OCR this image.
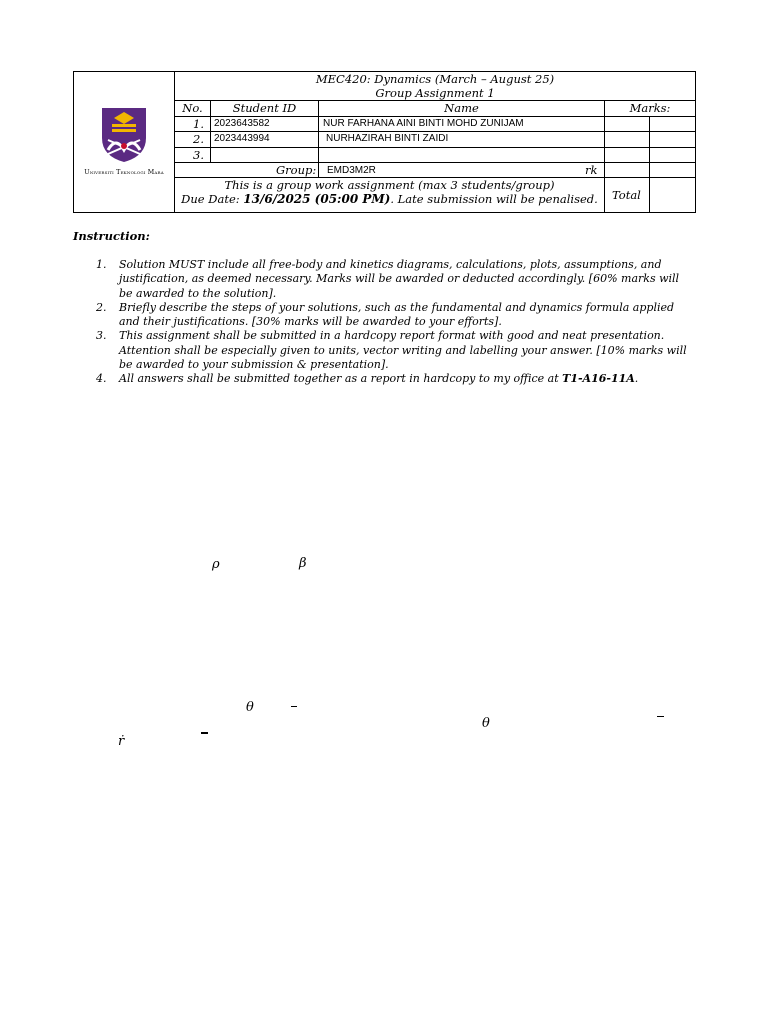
Universiti Teknologi Mara
MEC420: Dynamics (March – August 25)
Group Assignment 1
No.	Student ID	Name	Marks:
1. 2023643582	NUR FARHANA AINI BINTI MOHD ZUNIJAM
2. 2023443994	NURHAZIRAH BINTI ZAIDI
3.
Group: EMD3M2R	rk
This is a group work assignment (max 3 students/group)
Due Date: 13/6/2025 (05:00 PM). Late submission will be penalised.	Total
Instruction:

1. Solution MUST include all free-body and kinetics diagrams, calculations, plots, assumptions, and justification, as deemed necessary. Marks will be awarded or deducted accordingly. [60% marks will be awarded to the solution].

2. Briefly describe the steps of your solutions, such as the fundamental and dynamics formula applied and their justifications. [30% marks will be awarded to your efforts].

3. This assignment shall be submitted in a hardcopy report format with good and neat presentation. Attention shall be especially given to units, vector writing and labelling your answer. [10% marks will be awarded to your submission & presentation].

4. All answers shall be submitted together as a report in hardcopy to my office at T1-A16-11A.

ρ	β
θ
θ
ṙ
